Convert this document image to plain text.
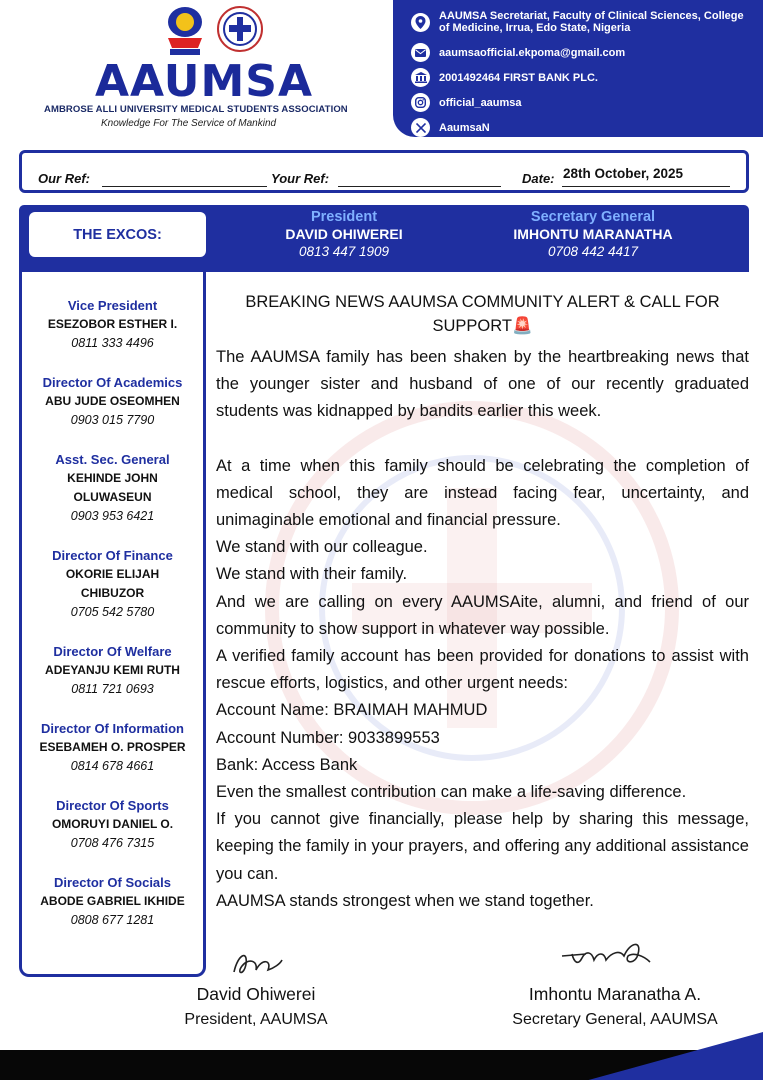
AAUMSA
AMBROSE ALLI UNIVERSITY MEDICAL STUDENTS ASSOCIATION
Knowledge For The Service of Mankind
AAUMSA Secretariat, Faculty of Clinical Sciences, College of Medicine, Irrua, Edo State, Nigeria
aaumsaofficial.ekpoma@gmail.com
2001492464 FIRST BANK PLC.
official_aaumsa
AaumsaN
Our Ref:	Your Ref:	Date: 28th October, 2025
THE EXCOS:
President
DAVID OHIWEREI
0813 447 1909
Secretary General
IMHONTU MARANATHA
0708 442 4417
Vice President
ESEZOBOR ESTHER I.
0811 333 4496
Director Of Academics
ABU JUDE OSEOMHEN
0903 015 7790
Asst. Sec. General
KEHINDE JOHN
OLUWASEUN
0903 953 6421
Director Of Finance
OKORIE ELIJAH
CHIBUZOR
0705 542 5780
Director Of Welfare
ADEYANJU KEMI RUTH
0811 721 0693
Director Of Information
ESEBAMEH O. PROSPER
0814 678 4661
Director Of Sports
OMORUYI DANIEL O.
0708 476 7315
Director Of Socials
ABODE GABRIEL IKHIDE
0808 677 1281
BREAKING NEWS AAUMSA COMMUNITY ALERT & CALL FOR SUPPORT🚨

The AAUMSA family has been shaken by the heartbreaking news that the younger sister and husband of one of our recently graduated students was kidnapped by bandits earlier this week.

At a time when this family should be celebrating the completion of medical school, they are instead facing fear, uncertainty, and unimaginable emotional and financial pressure.

We stand with our colleague.

We stand with their family.

And we are calling on every AAUMSAite, alumni, and friend of our community to show support in whatever way possible.

A verified family account has been provided for donations to assist with rescue efforts, logistics, and other urgent needs:

Account Name: BRAIMAH MAHMUD

Account Number: 9033899553

Bank: Access Bank

Even the smallest contribution can make a life-saving difference.

If you cannot give financially, please help by sharing this message, keeping the family in your prayers, and offering any additional assistance you can.

AAUMSA stands strongest when we stand together.

David Ohiwerei
President, AAUMSA
Imhontu Maranatha A.
Secretary General, AAUMSA
